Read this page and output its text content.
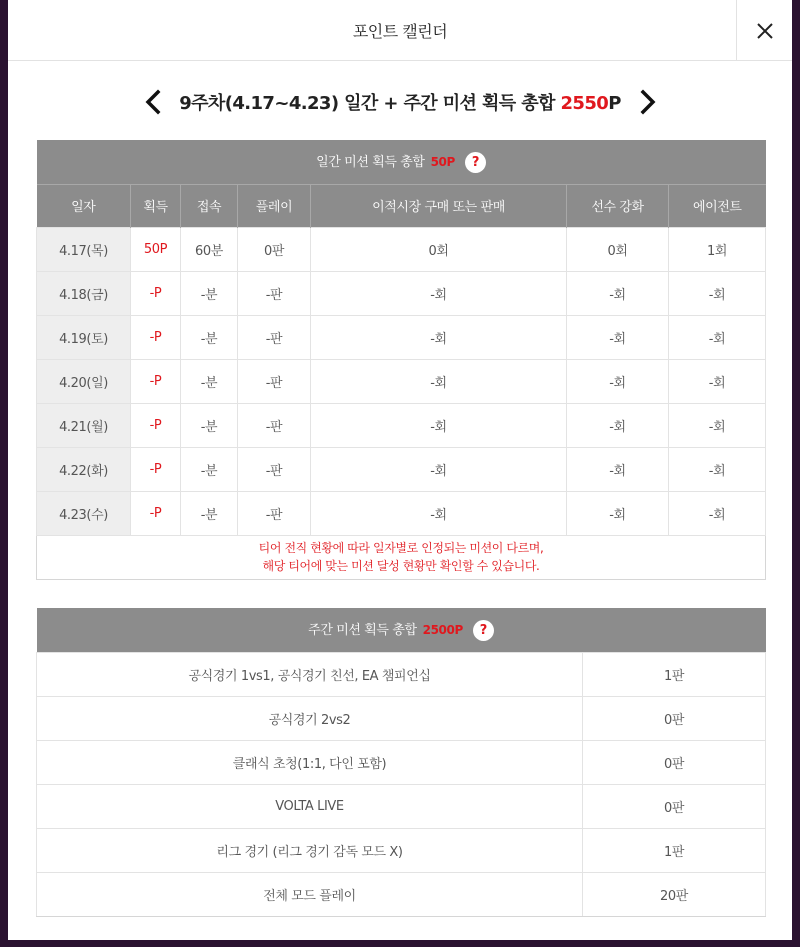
포인트 캘린더
9주차(4.17~4.23) 일간 + 주간 미션 획득 총합 2550P
일간 미션 획득 총합 50P ?						
일자	획득	접속	플레이	이적시장 구매 또는 판매	선수 강화	에이전트
4.17(목)	50P	60분	0판	0회	0회	1회
4.18(금)	-P	-분	-판	-회	-회	-회
4.19(토)	-P	-분	-판	-회	-회	-회
4.20(일)	-P	-분	-판	-회	-회	-회
4.21(월)	-P	-분	-판	-회	-회	-회
4.22(화)	-P	-분	-판	-회	-회	-회
4.23(수)	-P	-분	-판	-회	-회	-회

티어 전직 현황에 따라 일자별로 인정되는 미션이 다르며,
해당 티어에 맞는 미션 달성 현황만 확인할 수 있습니다.						
주간 미션 획득 총합 2500P ?	
공식경기 1vs1, 공식경기 친선, EA 챔피언십	1판
공식경기 2vs2	0판
클래식 초청(1:1, 다인 포함)	0판
VOLTA LIVE	0판
리그 경기 (리그 경기 감독 모드 X)	1판
전체 모드 플레이	20판
